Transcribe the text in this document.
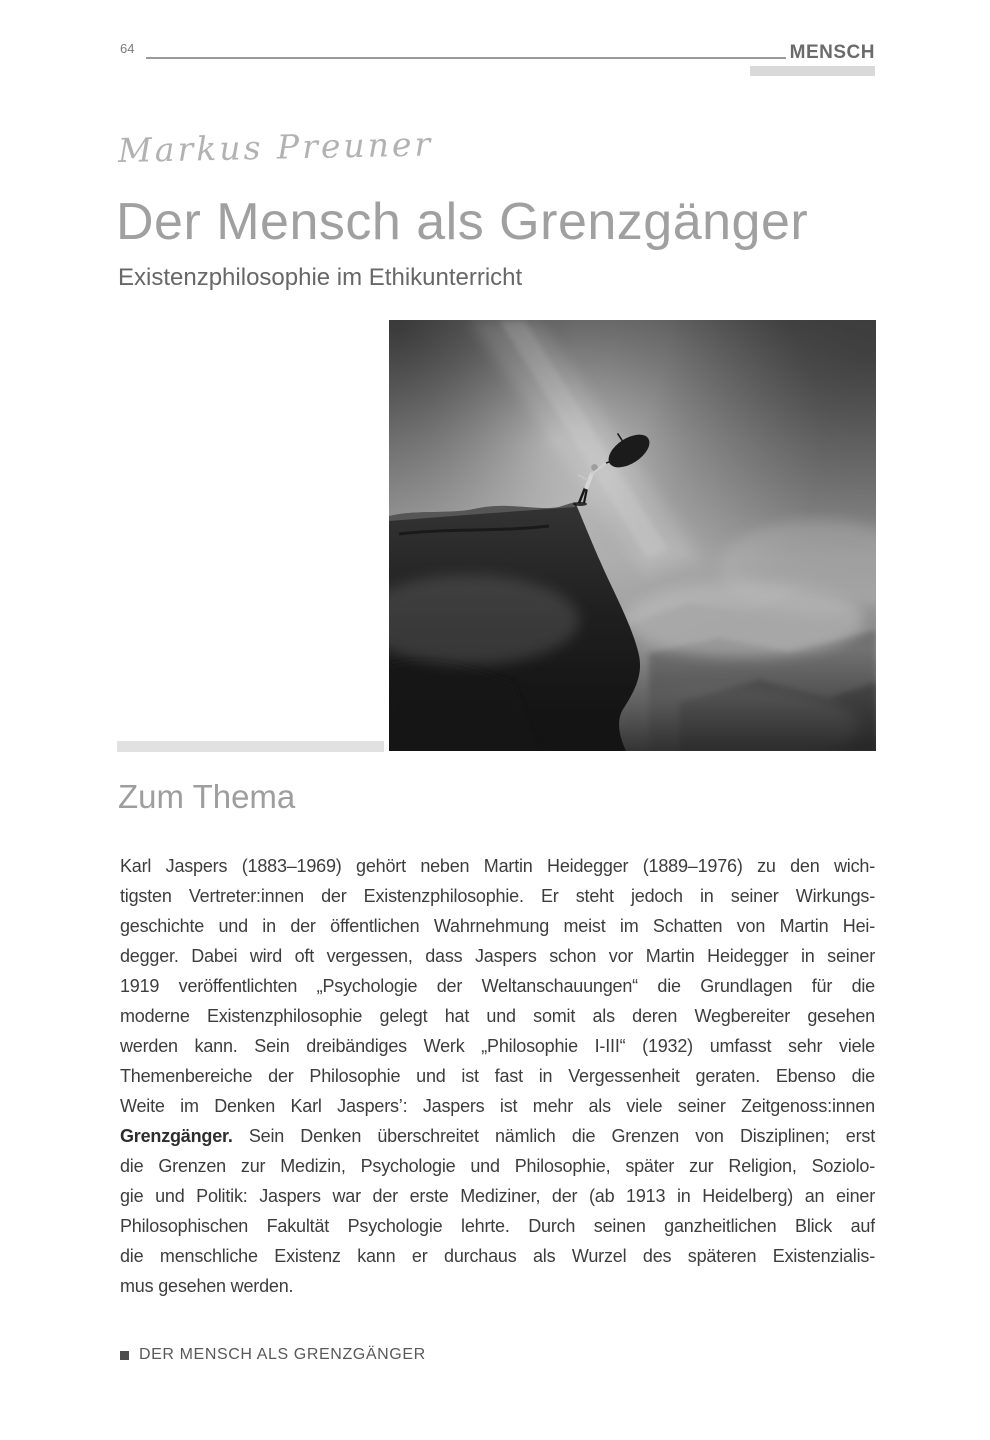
64	MENSCH
Markus Preuner
Der Mensch als Grenzgänger
Existenzphilosophie im Ethikunterricht
Zum Thema
Karl Jaspers (1883–1969) gehört neben Martin Heidegger (1889–1976) zu den wich-
tigsten Vertreter:innen der Existenzphilosophie. Er steht jedoch in seiner Wirkungs-
geschichte und in der öffentlichen Wahrnehmung meist im Schatten von Martin Hei-
degger. Dabei wird oft vergessen, dass Jaspers schon vor Martin Heidegger in seiner
1919 veröffentlichten „Psychologie der Weltanschauungen“ die Grundlagen für die
moderne Existenzphilosophie gelegt hat und somit als deren Wegbereiter gesehen
werden kann. Sein dreibändiges Werk „Philosophie I-III“ (1932) umfasst sehr viele
Themenbereiche der Philosophie und ist fast in Vergessenheit geraten. Ebenso die
Weite im Denken Karl Jaspers’: Jaspers ist mehr als viele seiner Zeitgenoss:innen
Grenzgänger. Sein Denken überschreitet nämlich die Grenzen von Disziplinen; erst
die Grenzen zur Medizin, Psychologie und Philosophie, später zur Religion, Soziolo-
gie und Politik: Jaspers war der erste Mediziner, der (ab 1913 in Heidelberg) an einer
Philosophischen Fakultät Psychologie lehrte. Durch seinen ganzheitlichen Blick auf
die menschliche Existenz kann er durchaus als Wurzel des späteren Existenzialis-
mus gesehen werden.
DER MENSCH ALS GRENZGÄNGER
